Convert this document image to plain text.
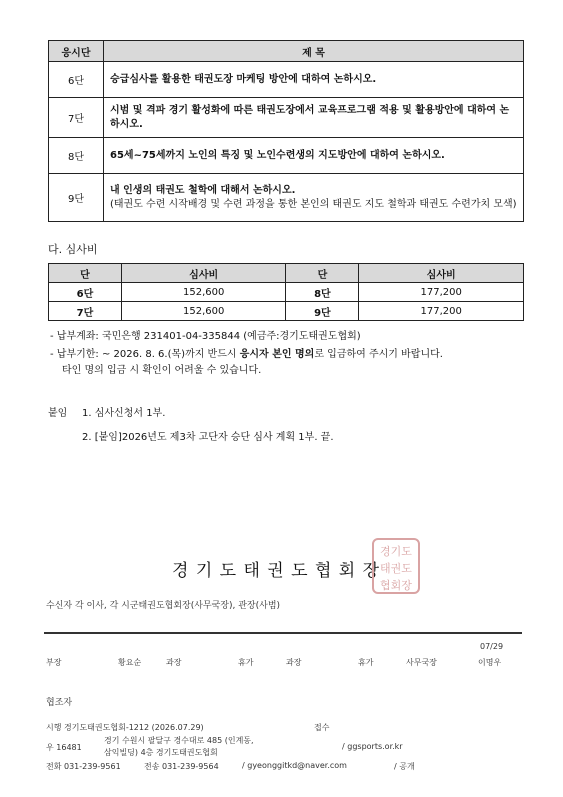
응시단	제 목
6단	승급심사를 활용한 태권도장 마케팅 방안에 대하여 논하시오.
7단	시범 및 격파 경기 활성화에 따른 태권도장에서 교육프로그램 적용 및 활용방안에 대하여 논하시오.
8단	65세~75세까지 노인의 특징 및 노인수련생의 지도방안에 대하여 논하시오.
9단	내 인생의 태권도 철학에 대해서 논하시오.
(태권도 수련 시작배경 및 수련 과정을 통한 본인의 태권도 지도 철학과 태권도 수련가치 모색)
다. 심사비
단	심사비	단	심사비
6단	152,600	8단	177,200
7단	152,600	9단	177,200
- 납부계좌: 국민은행 231401-04-335844 (예금주:경기도태권도협회)
- 납부기한: ~ 2026. 8. 6.(목)까지 반드시 응시자 본인 명의로 입금하여 주시기 바랍니다.
타인 명의 입금 시 확인이 어려울 수 있습니다.
붙임 1. 심사신청서 1부.
2. [붙임]2026년도 제3차 고단자 승단 심사 계획 1부. 끝.
경 기 도 태 권 도 협 회 장
경기도
태권도
협회장
수신자 각 이사, 각 시군태권도협회장(사무국장), 관장(사범)
07/29
부장	황요순	과장	휴가	과장	휴가	사무국장	이명우
협조자
시행 경기도태권도협회-1212 (2026.07.29)	접수
우 16481
경기 수원시 팔달구 경수대로 485 (인계동,
삼익빌딩) 4층 경기도태권도협회
/ ggsports.or.kr
전화 031-239-9561	전송 031-239-9564	/ gyeonggitkd@naver.com	/ 공개
